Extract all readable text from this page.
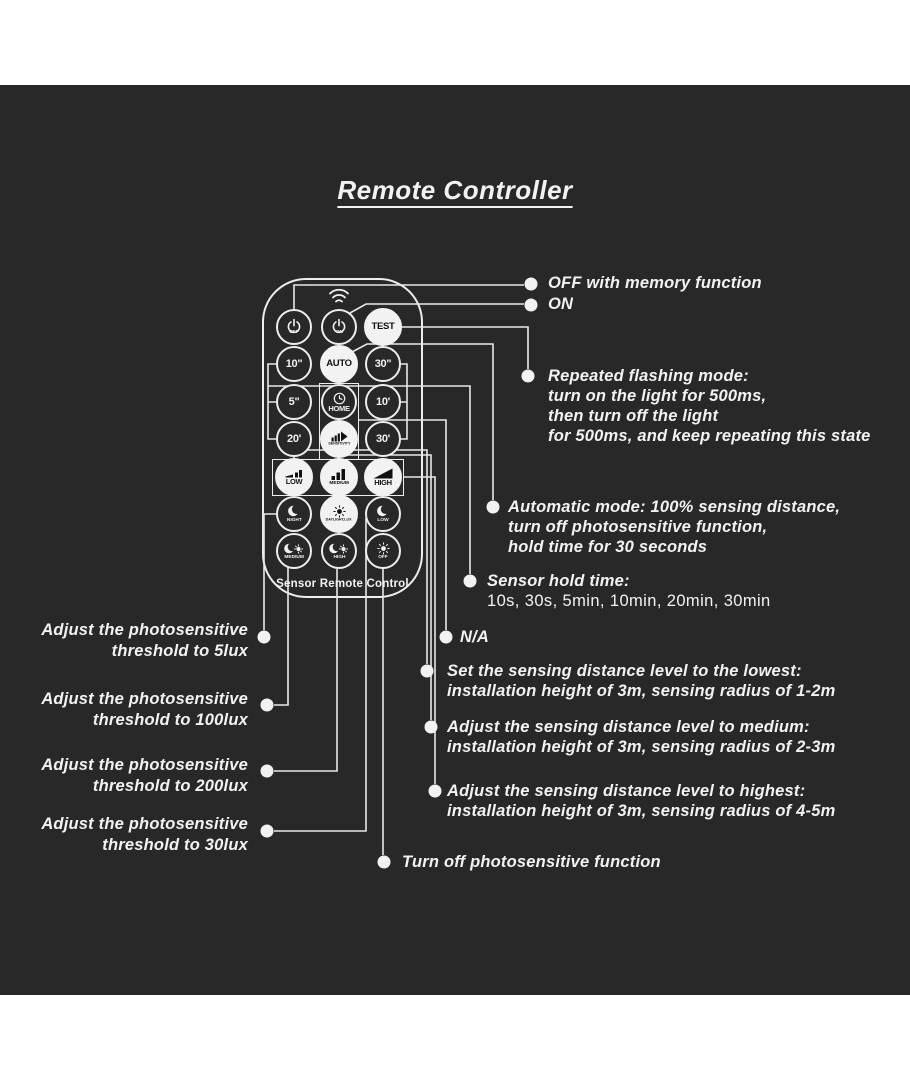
Remote Controller
OFF	ON
TEST
10"	AUTO 30"
5"
HOME
10'
20'	SENSITIVITY 30'
LOW	MEDIUM	HIGH
NIGHT	DAYLIGHT,LUX	LOW
MEDIUM	HIGH	OFF
Sensor Remote Control
OFF with memory function
ON
Repeated flashing mode:
turn on the light for 500ms,
then turn off the light
for 500ms, and keep repeating this state
Automatic mode: 100% sensing distance,
turn off photosensitive function,
hold time for 30 seconds
Sensor hold time:
10s, 30s, 5min, 10min, 20min, 30min
N/A
Set the sensing distance level to the lowest:
installation height of 3m, sensing radius of 1-2m
Adjust the sensing distance level to medium:
installation height of 3m, sensing radius of 2-3m
Adjust the sensing distance level to highest:
installation height of 3m, sensing radius of 4-5m
Turn off photosensitive function
Adjust the photosensitive
threshold to 5lux
Adjust the photosensitive
threshold to 100lux
Adjust the photosensitive
threshold to 200lux
Adjust the photosensitive
threshold to 30lux
